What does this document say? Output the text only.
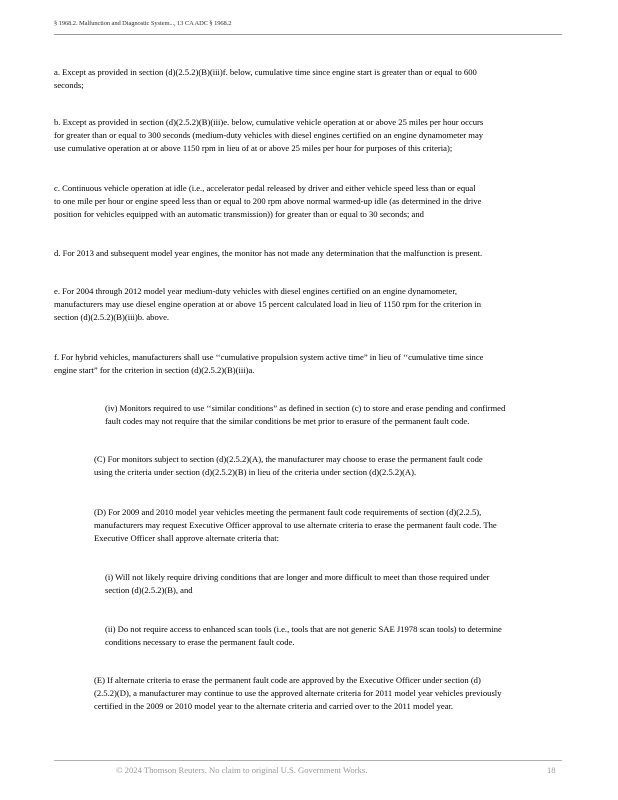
§ 1968.2. Malfunction and Diagnostic System..., 13 CA ADC § 1968.2

a. Except as provided in section (d)(2.5.2)(B)(iii)f. below, cumulative time since engine start is greater than or equal to 600
seconds;

b. Except as provided in section (d)(2.5.2)(B)(iii)e. below, cumulative vehicle operation at or above 25 miles per hour occurs
for greater than or equal to 300 seconds (medium-duty vehicles with diesel engines certified on an engine dynamometer may
use cumulative operation at or above 1150 rpm in lieu of at or above 25 miles per hour for purposes of this criteria);

c. Continuous vehicle operation at idle (i.e., accelerator pedal released by driver and either vehicle speed less than or equal
to one mile per hour or engine speed less than or equal to 200 rpm above normal warmed-up idle (as determined in the drive
position for vehicles equipped with an automatic transmission)) for greater than or equal to 30 seconds; and

d. For 2013 and subsequent model year engines, the monitor has not made any determination that the malfunction is present.

e. For 2004 through 2012 model year medium-duty vehicles with diesel engines certified on an engine dynamometer,
manufacturers may use diesel engine operation at or above 15 percent calculated load in lieu of 1150 rpm for the criterion in
section (d)(2.5.2)(B)(iii)b. above.

f. For hybrid vehicles, manufacturers shall use ‘‘cumulative propulsion system active time” in lieu of ‘‘cumulative time since
engine start” for the criterion in section (d)(2.5.2)(B)(iii)a.

(iv) Monitors required to use ‘‘similar conditions” as defined in section (c) to store and erase pending and confirmed
fault codes may not require that the similar conditions be met prior to erasure of the permanent fault code.

(C) For monitors subject to section (d)(2.5.2)(A), the manufacturer may choose to erase the permanent fault code
using the criteria under section (d)(2.5.2)(B) in lieu of the criteria under section (d)(2.5.2)(A).

(D) For 2009 and 2010 model year vehicles meeting the permanent fault code requirements of section (d)(2.2.5),
manufacturers may request Executive Officer approval to use alternate criteria to erase the permanent fault code. The
Executive Officer shall approve alternate criteria that:

(i) Will not likely require driving conditions that are longer and more difficult to meet than those required under
section (d)(2.5.2)(B), and

(ii) Do not require access to enhanced scan tools (i.e., tools that are not generic SAE J1978 scan tools) to determine
conditions necessary to erase the permanent fault code.

(E) If alternate criteria to erase the permanent fault code are approved by the Executive Officer under section (d)
(2.5.2)(D), a manufacturer may continue to use the approved alternate criteria for 2011 model year vehicles previously
certified in the 2009 or 2010 model year to the alternate criteria and carried over to the 2011 model year.

© 2024 Thomson Reuters. No claim to original U.S. Government Works.	18
